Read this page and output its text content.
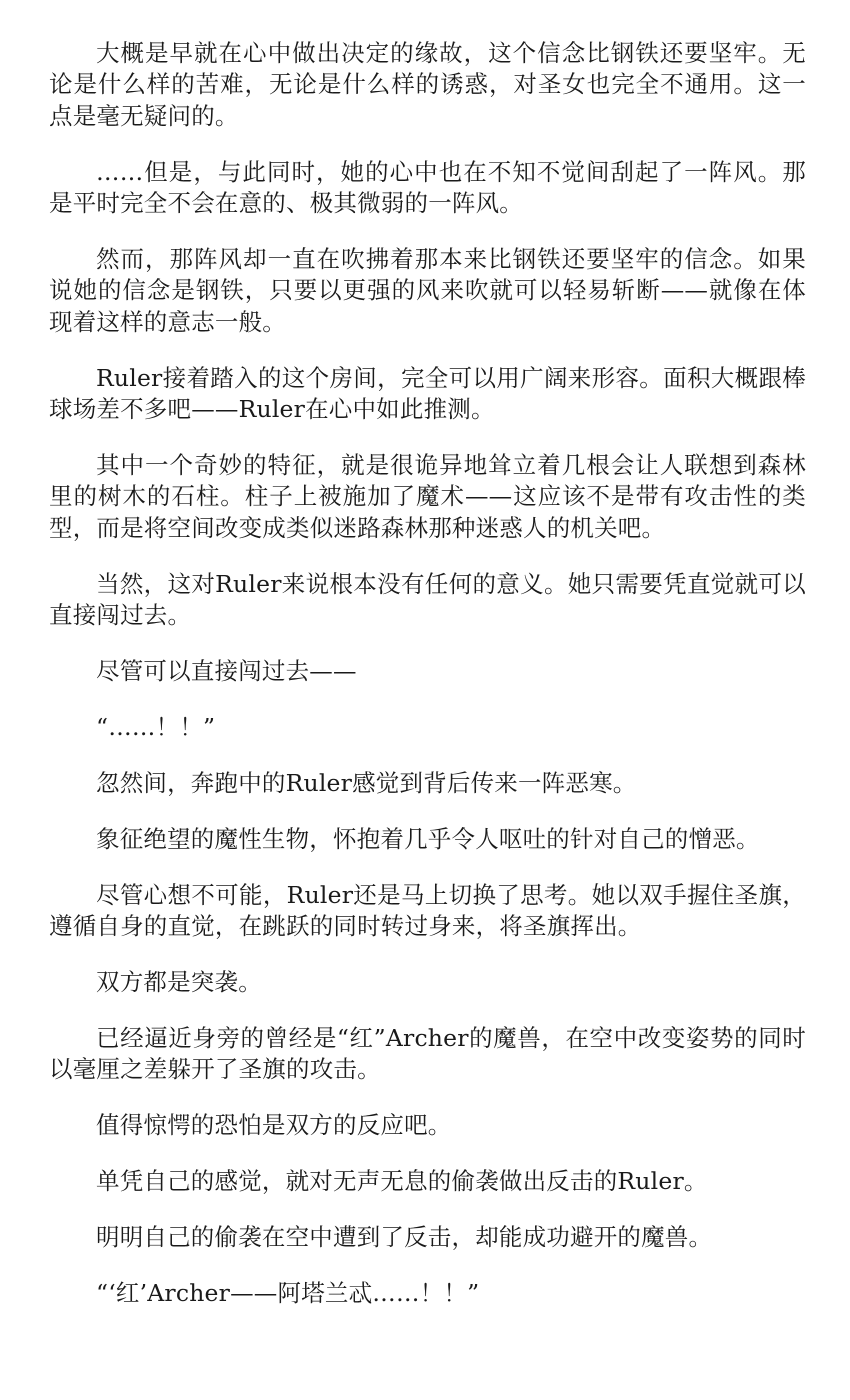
大概是早就在心中做出决定的缘故，这个信念比钢铁还要坚牢。无论是什么样的苦难，无论是什么样的诱惑，对圣女也完全不通用。这一点是毫无疑问的。

……但是，与此同时，她的心中也在不知不觉间刮起了一阵风。那是平时完全不会在意的、极其微弱的一阵风。

然而，那阵风却一直在吹拂着那本来比钢铁还要坚牢的信念。如果说她的信念是钢铁，只要以更强的风来吹就可以轻易斩断——就像在体现着这样的意志一般。

Ruler接着踏入的这个房间，完全可以用广阔来形容。面积大概跟棒球场差不多吧——Ruler在心中如此推测。

其中一个奇妙的特征，就是很诡异地耸立着几根会让人联想到森林里的树木的石柱。柱子上被施加了魔术——这应该不是带有攻击性的类型，而是将空间改变成类似迷路森林那种迷惑人的机关吧。

当然，这对Ruler来说根本没有任何的意义。她只需要凭直觉就可以直接闯过去。

尽管可以直接闯过去——

“……！！”

忽然间，奔跑中的Ruler感觉到背后传来一阵恶寒。

象征绝望的魔性生物，怀抱着几乎令人呕吐的针对自己的憎恶。

尽管心想不可能，Ruler还是马上切换了思考。她以双手握住圣旗，遵循自身的直觉，在跳跃的同时转过身来，将圣旗挥出。

双方都是突袭。

已经逼近身旁的曾经是“红”Archer的魔兽，在空中改变姿势的同时以毫厘之差躲开了圣旗的攻击。

值得惊愕的恐怕是双方的反应吧。

单凭自己的感觉，就对无声无息的偷袭做出反击的Ruler。

明明自己的偷袭在空中遭到了反击，却能成功避开的魔兽。

“‘红’Archer——阿塔兰忒……！！”
